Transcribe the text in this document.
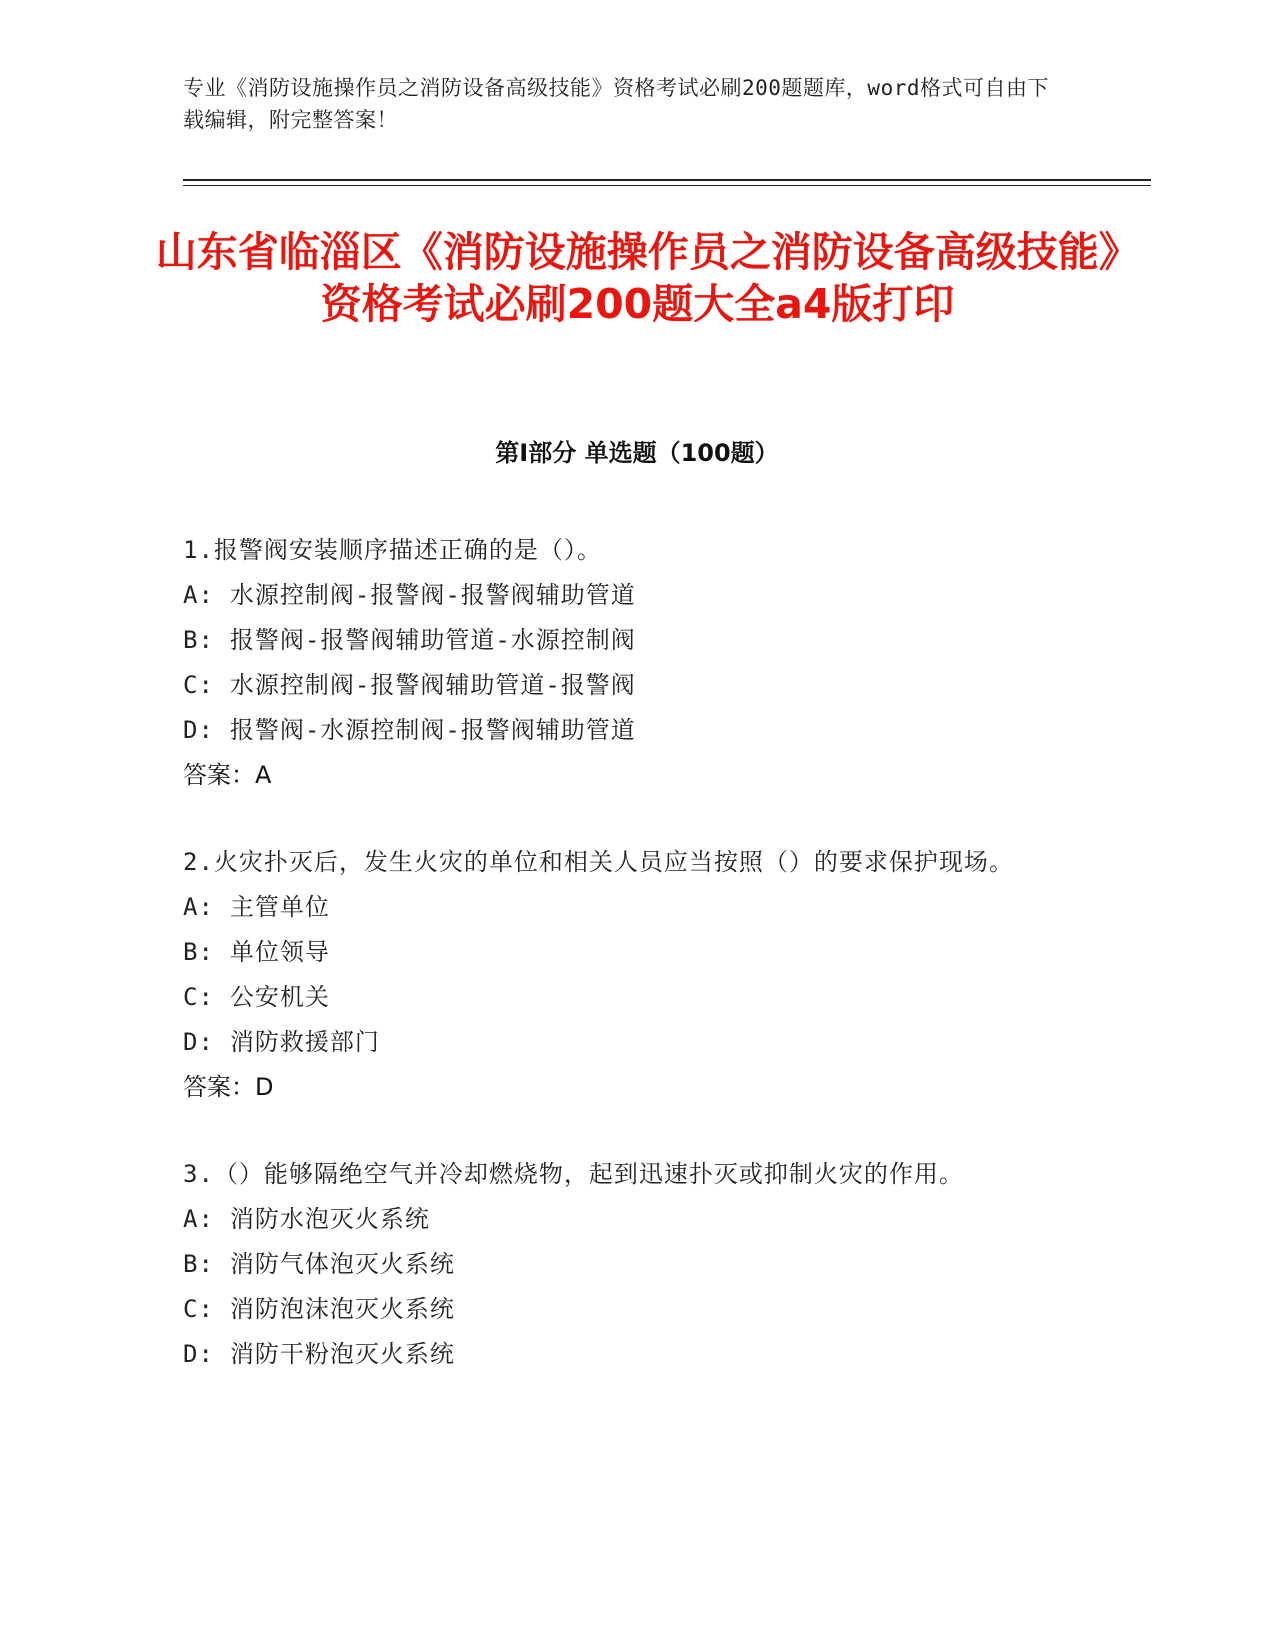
专业《消防设施操作员之消防设备高级技能》资格考试必刷200题题库，word格式可自由下载编辑，附完整答案！
山东省临淄区《消防设施操作员之消防设备高级技能》资格考试必刷200题大全a4版打印
第I部分 单选题（100题）
1.报警阀安装顺序描述正确的是（）。
A: 水源控制阀-报警阀-报警阀辅助管道
B: 报警阀-报警阀辅助管道-水源控制阀
C: 水源控制阀-报警阀辅助管道-报警阀
D: 报警阀-水源控制阀-报警阀辅助管道
答案：A
2.火灾扑灭后，发生火灾的单位和相关人员应当按照（）的要求保护现场。
A: 主管单位
B: 单位领导
C: 公安机关
D: 消防救援部门
答案：D
3.（）能够隔绝空气并冷却燃烧物，起到迅速扑灭或抑制火灾的作用。
A: 消防水泡灭火系统
B: 消防气体泡灭火系统
C: 消防泡沫泡灭火系统
D: 消防干粉泡灭火系统
